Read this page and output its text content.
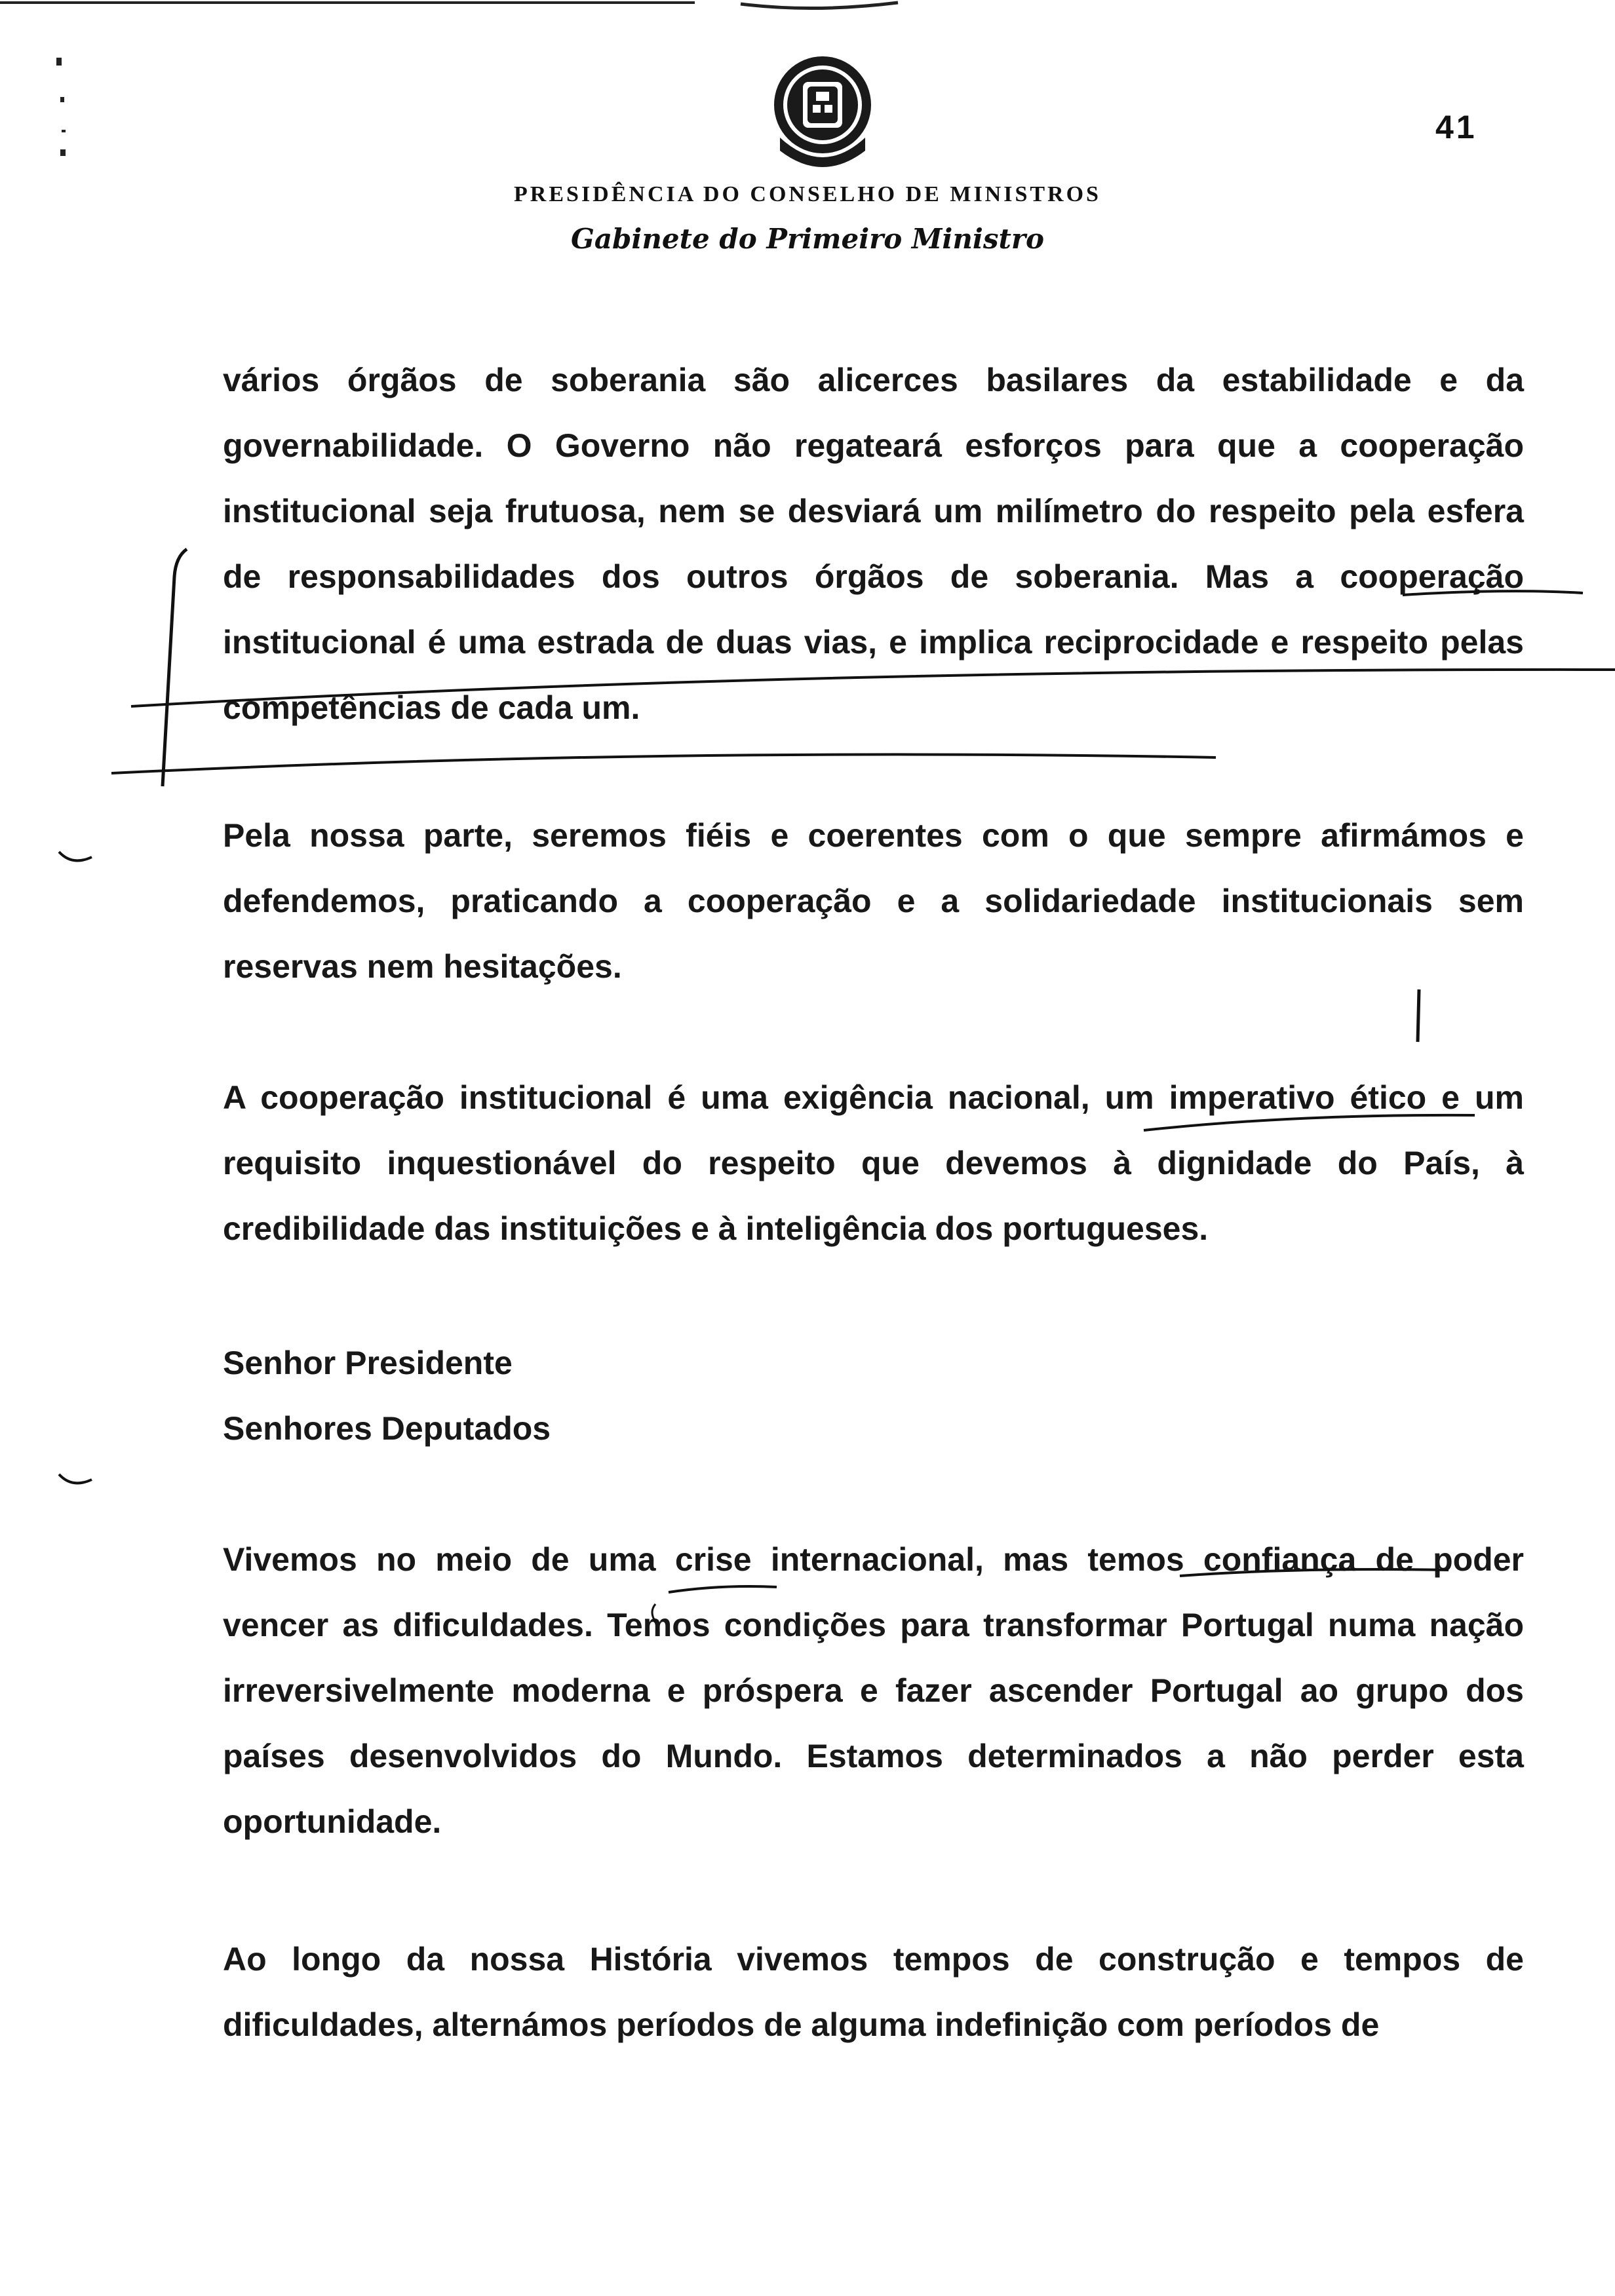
41
PRESIDÊNCIA DO CONSELHO DE MINISTROS
Gabinete do Primeiro Ministro
vários órgãos de soberania são alicerces basilares da estabilidade e da governabilidade. O Governo não regateará esforços para que a cooperação institucional seja frutuosa, nem se desviará um milímetro do respeito pela esfera de responsabilidades dos outros órgãos de soberania. Mas a cooperação institucional é uma estrada de duas vias, e implica reciprocidade e respeito pelas competências de cada um.
Pela nossa parte, seremos fiéis e coerentes com o que sempre afirmámos e defendemos, praticando a cooperação e a solidariedade institucionais sem reservas nem hesitações.
A cooperação institucional é uma exigência nacional, um imperativo ético e um requisito inquestionável do respeito que devemos à dignidade do País, à credibilidade das instituições e à inteligência dos portugueses.
Senhor Presidente
Senhores Deputados
Vivemos no meio de uma crise internacional, mas temos confiança de poder vencer as dificuldades. Temos condições para transformar Portugal numa nação irreversivelmente moderna e próspera e fazer ascender Portugal ao grupo dos países desenvolvidos do Mundo. Estamos determinados a não perder esta oportunidade.
Ao longo da nossa História vivemos tempos de construção e tempos de dificuldades, alternámos períodos de alguma indefinição com períodos de
